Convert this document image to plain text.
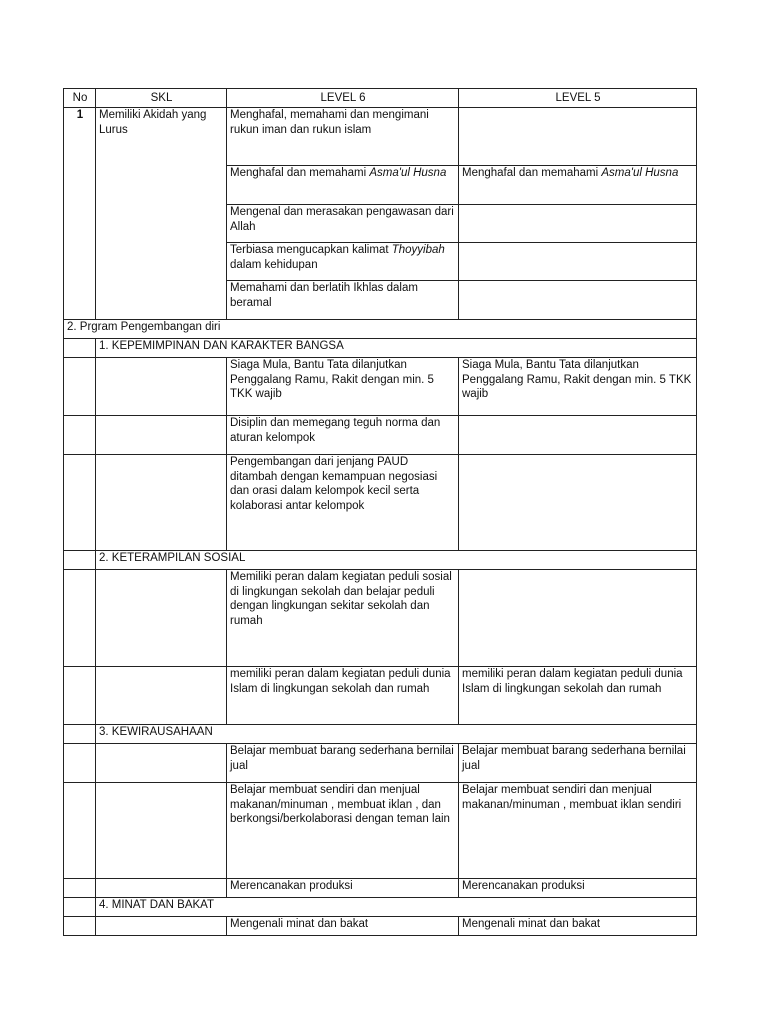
No	SKL	LEVEL 6	LEVEL 5
1	Memiliki Akidah yang Lurus	Menghafal, memahami dan mengimani rukun iman dan rukun islam	
		Menghafal dan memahami Asma'ul Husna	Menghafal dan memahami Asma'ul Husna
		Mengenal dan merasakan pengawasan dari Allah	
		Terbiasa mengucapkan kalimat Thoyyibah dalam kehidupan	
		Memahami dan berlatih Ikhlas dalam beramal	
2. Prgram Pengembangan diri			
	1. KEPEMIMPINAN DAN KARAKTER BANGSA		
		Siaga Mula, Bantu Tata dilanjutkan Penggalang Ramu, Rakit dengan min. 5 TKK wajib	Siaga Mula, Bantu Tata dilanjutkan Penggalang Ramu, Rakit dengan min. 5 TKK wajib
		Disiplin dan memegang teguh norma dan aturan kelompok	
		Pengembangan dari jenjang PAUD ditambah dengan kemampuan negosiasi dan orasi dalam kelompok kecil serta kolaborasi antar kelompok	
	2. KETERAMPILAN SOSIAL		
		Memiliki peran dalam kegiatan peduli sosial di lingkungan sekolah dan belajar peduli dengan lingkungan sekitar sekolah dan rumah	
		memiliki peran dalam kegiatan peduli dunia Islam di lingkungan sekolah dan rumah	memiliki peran dalam kegiatan peduli dunia Islam di lingkungan sekolah dan rumah
	3. KEWIRAUSAHAAN		
		Belajar membuat barang sederhana bernilai jual	Belajar membuat barang sederhana bernilai jual
		Belajar membuat sendiri dan menjual makanan/minuman , membuat iklan , dan berkongsi/berkolaborasi dengan teman lain	Belajar membuat sendiri dan menjual makanan/minuman , membuat iklan sendiri
		Merencanakan produksi	Merencanakan produksi
	4. MINAT DAN BAKAT		
		Mengenali minat dan bakat	Mengenali minat dan bakat
